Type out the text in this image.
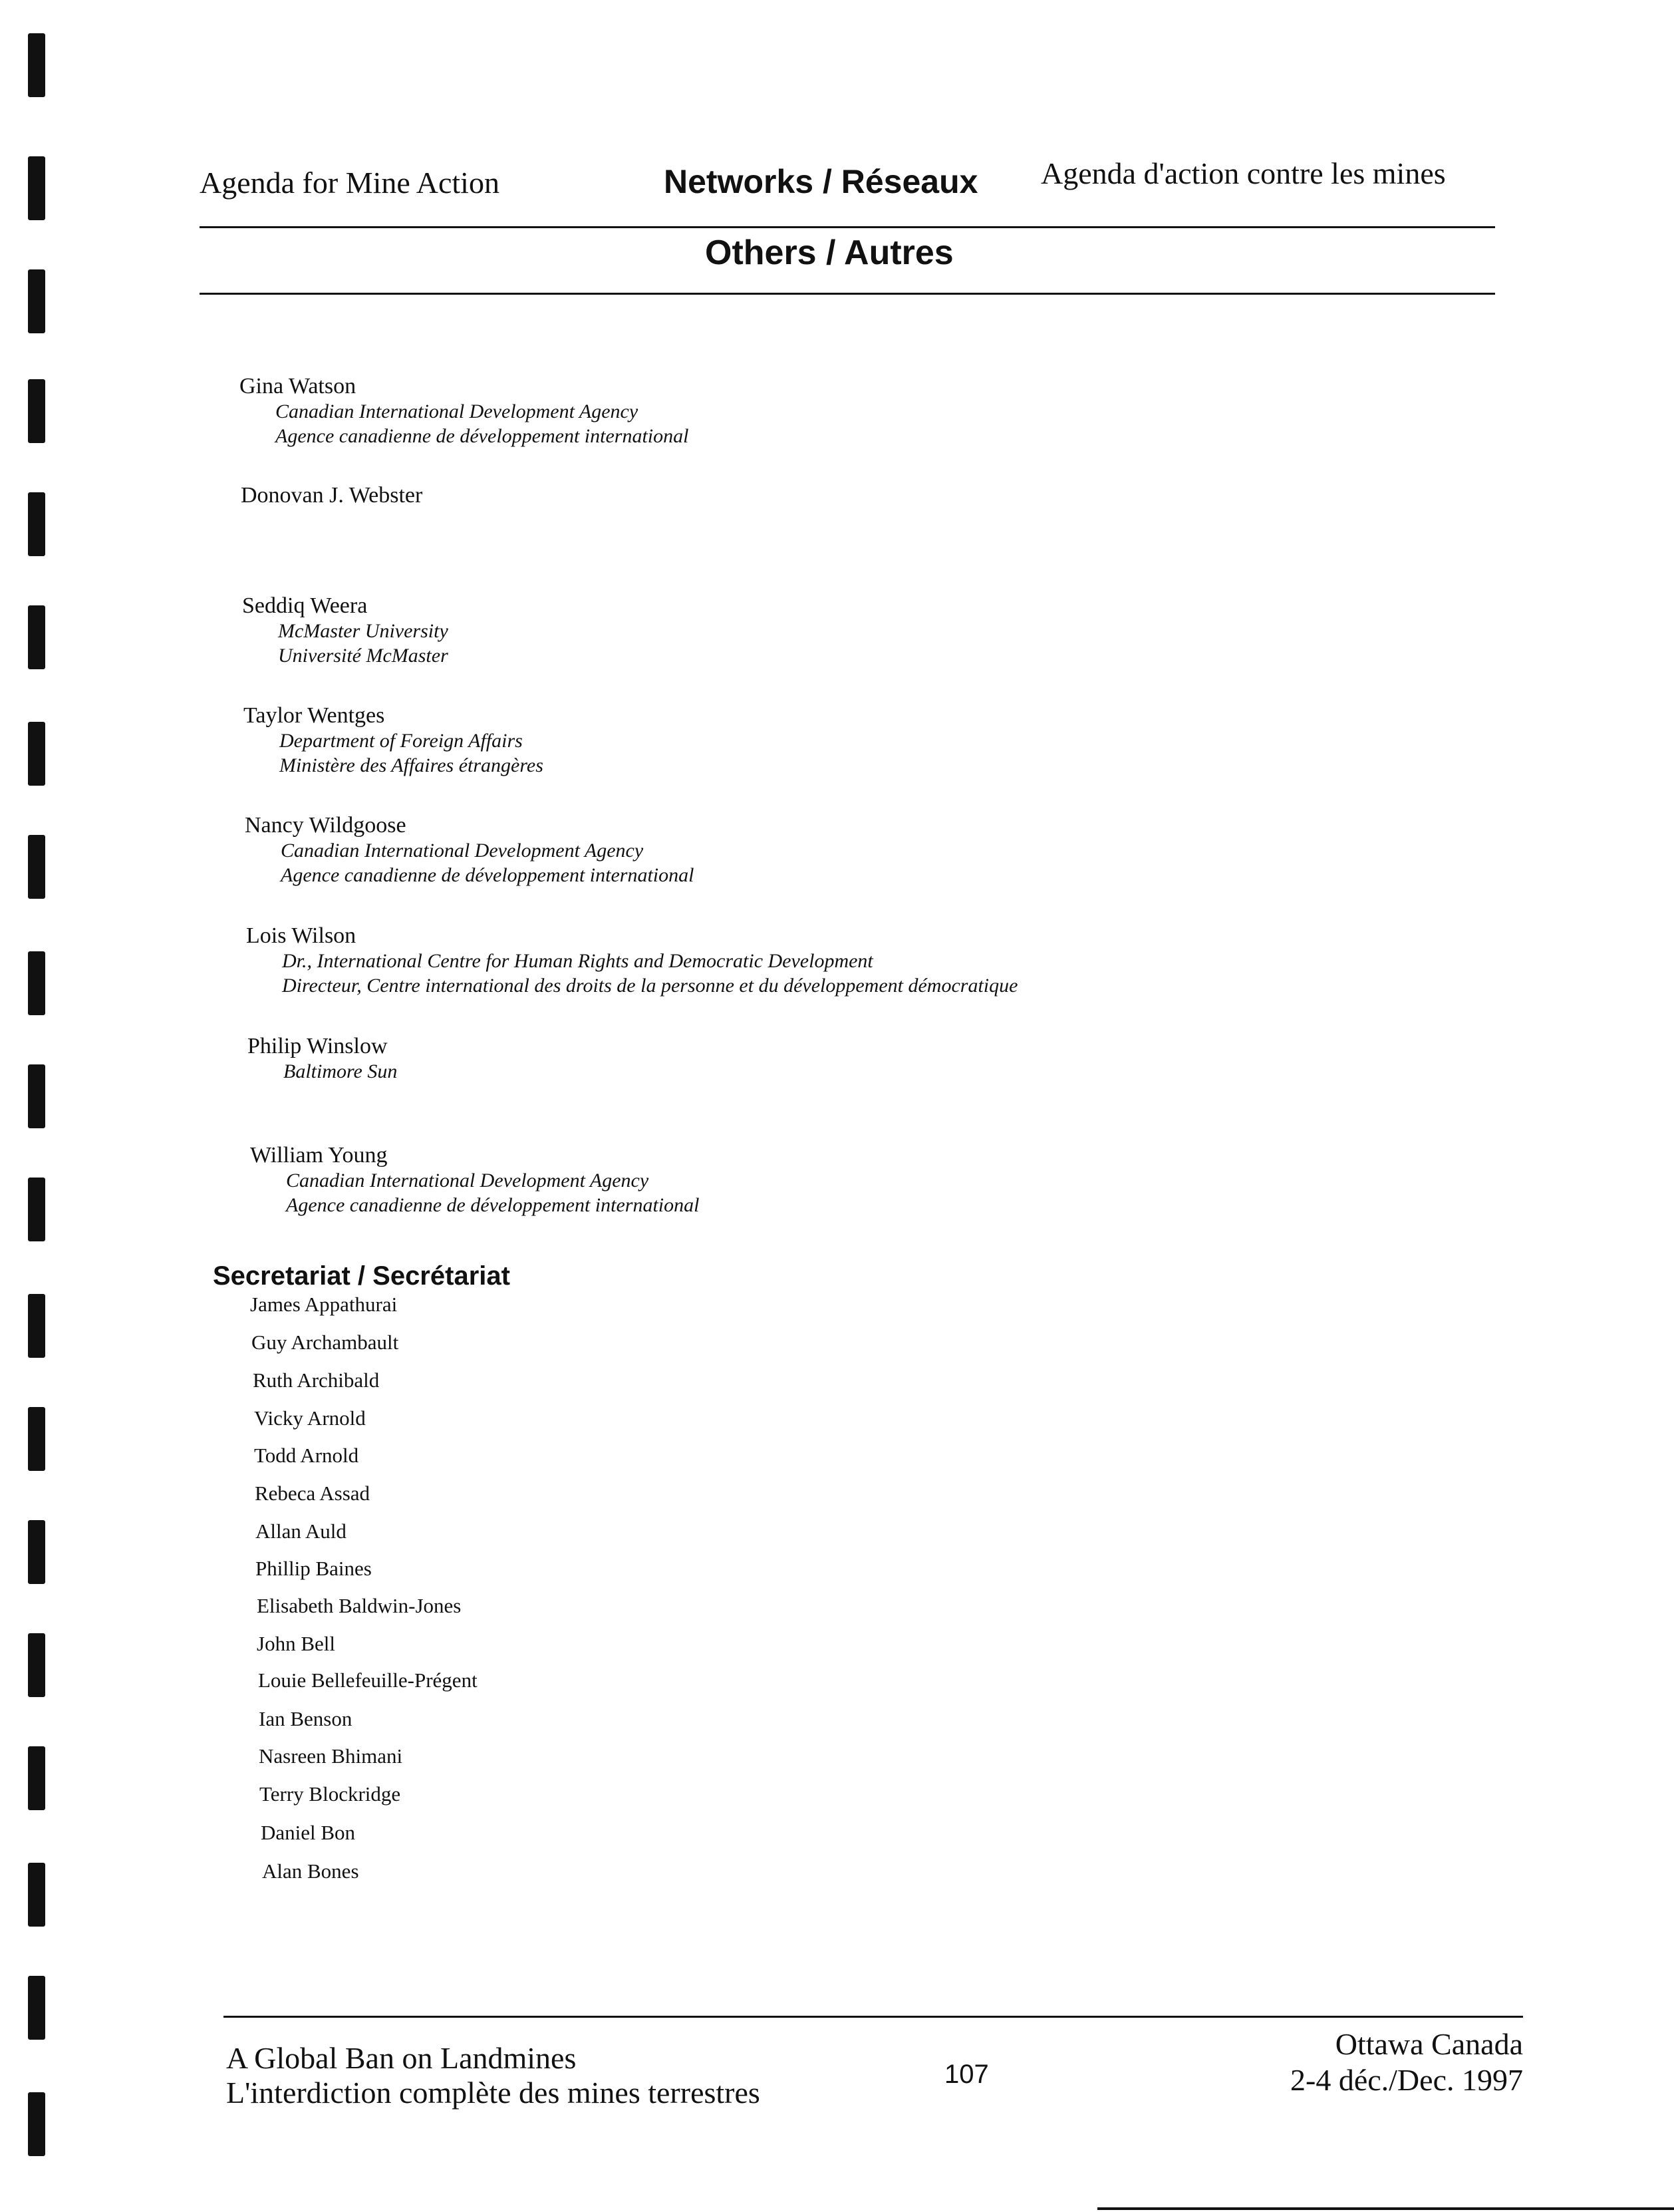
Agenda for Mine Action	Networks / Réseaux Agenda d'action contre les mines
Others / Autres
Gina Watson
Canadian International Development Agency
Agence canadienne de développement international
Donovan J. Webster
Seddiq Weera
McMaster University
Université McMaster
Taylor Wentges
Department of Foreign Affairs
Ministère des Affaires étrangères
Nancy Wildgoose
Canadian International Development Agency
Agence canadienne de développement international
Lois Wilson
Dr., International Centre for Human Rights and Democratic Development
Directeur, Centre international des droits de la personne et du développement démocratique
Philip Winslow
Baltimore Sun
William Young
Canadian International Development Agency
Agence canadienne de développement international
Secretariat / Secrétariat
James Appathurai
Guy Archambault
Ruth Archibald
Vicky Arnold
Todd Arnold
Rebeca Assad
Allan Auld
Phillip Baines
Elisabeth Baldwin-Jones
John Bell
Louie Bellefeuille-Prégent
Ian Benson
Nasreen Bhimani
Terry Blockridge
Daniel Bon
Alan Bones
A Global Ban on Landmines
L'interdiction complète des mines terrestres
107
Ottawa Canada
2-4 déc./Dec. 1997
